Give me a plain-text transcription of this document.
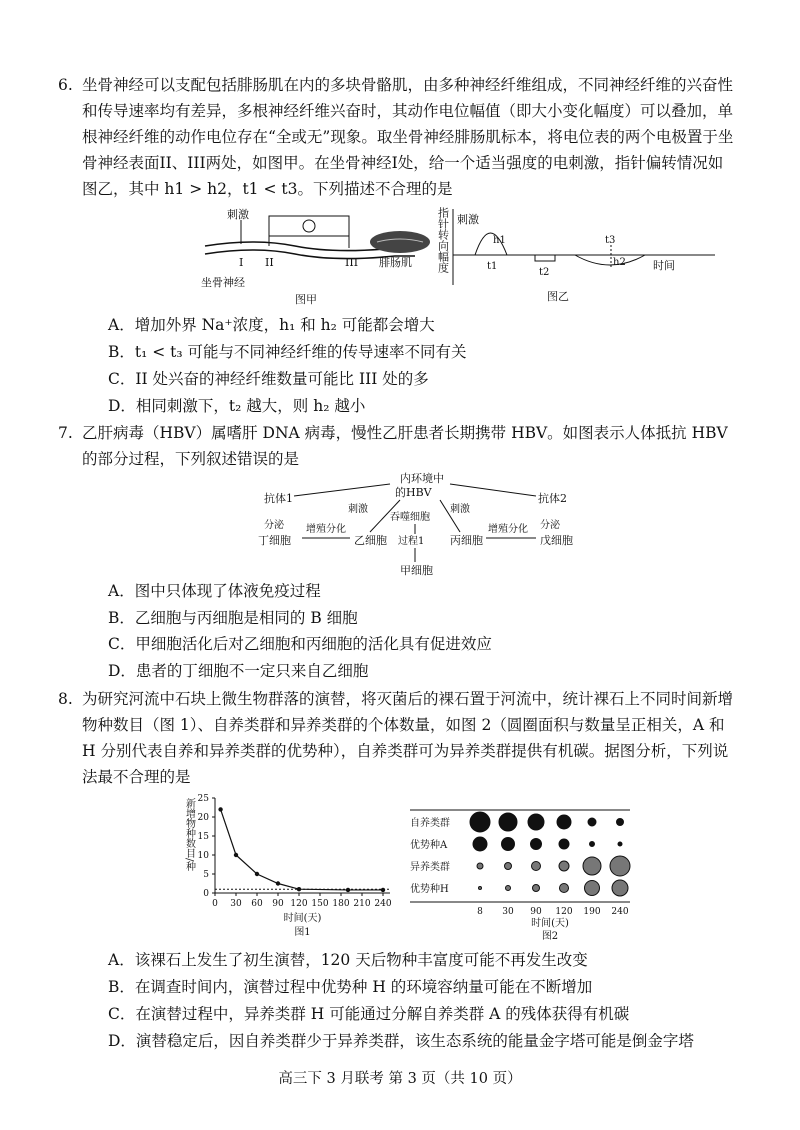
6. 坐骨神经可以支配包括腓肠肌在内的多块骨骼肌，由多种神经纤维组成，不同神经纤维的兴奋性和传导速率均有差异，多根神经纤维兴奋时，其动作电位幅值（即大小变化幅度）可以叠加，单根神经纤维的动作电位存在“全或无”现象。取坐骨神经腓肠肌标本，将电位表的两个电极置于坐骨神经表面II、III两处，如图甲。在坐骨神经I处，给一个适当强度的电刺激，指针偏转情况如图乙，其中 h1 > h2，t1 < t3。下列描述不合理的是
刺激
I II	III
坐骨神经
腓肠肌
图甲
指针转向幅度 刺激
h1
t1
t2
t3
h2 时间
图乙
A．增加外界 Na⁺浓度，h₁ 和 h₂ 可能都会增大
B．t₁ < t₃ 可能与不同神经纤维的传导速率不同有关
C．II 处兴奋的神经纤维数量可能比 III 处的多
D．相同刺激下，t₂ 越大，则 h₂ 越小
7. 乙肝病毒（HBV）属嗜肝 DNA 病毒，慢性乙肝患者长期携带 HBV。如图表示人体抵抗 HBV 的部分过程，下列叙述错误的是
内环境中
的HBV
抗体1	抗体2
分泌	分泌
刺激	刺激
吞噬细胞
过程1
增殖分化	增殖分化
丁细胞	乙细胞	丙细胞	戊细胞
甲细胞
A．图中只体现了体液免疫过程
B．乙细胞与丙细胞是相同的 B 细胞
C．甲细胞活化后对乙细胞和丙细胞的活化具有促进效应
D．患者的丁细胞不一定只来自乙细胞
8. 为研究河流中石块上微生物群落的演替，将灭菌后的裸石置于河流中，统计裸石上不同时间新增物种数目（图 1）、自养类群和异养类群的个体数量，如图 2（圆圈面积与数量呈正相关，A 和 H 分别代表自养和异养类群的优势种），自养类群可为异养类群提供有机碳。据图分析，下列说法最不合理的是
0
5
10
15
20
25
0 30 60 90 120 150 180 210 240
新增物种数目/种
时间(天)
图1
自养类群
优势种A
异养类群
优势种H
8 30 90 120 190 240
时间(天)
图2
A．该裸石上发生了初生演替，120 天后物种丰富度可能不再发生改变
B．在调查时间内，演替过程中优势种 H 的环境容纳量可能在不断增加
C．在演替过程中，异养类群 H 可能通过分解自养类群 A 的残体获得有机碳
D．演替稳定后，因自养类群少于异养类群，该生态系统的能量金字塔可能是倒金字塔
高三下 3 月联考 第 3 页（共 10 页）
